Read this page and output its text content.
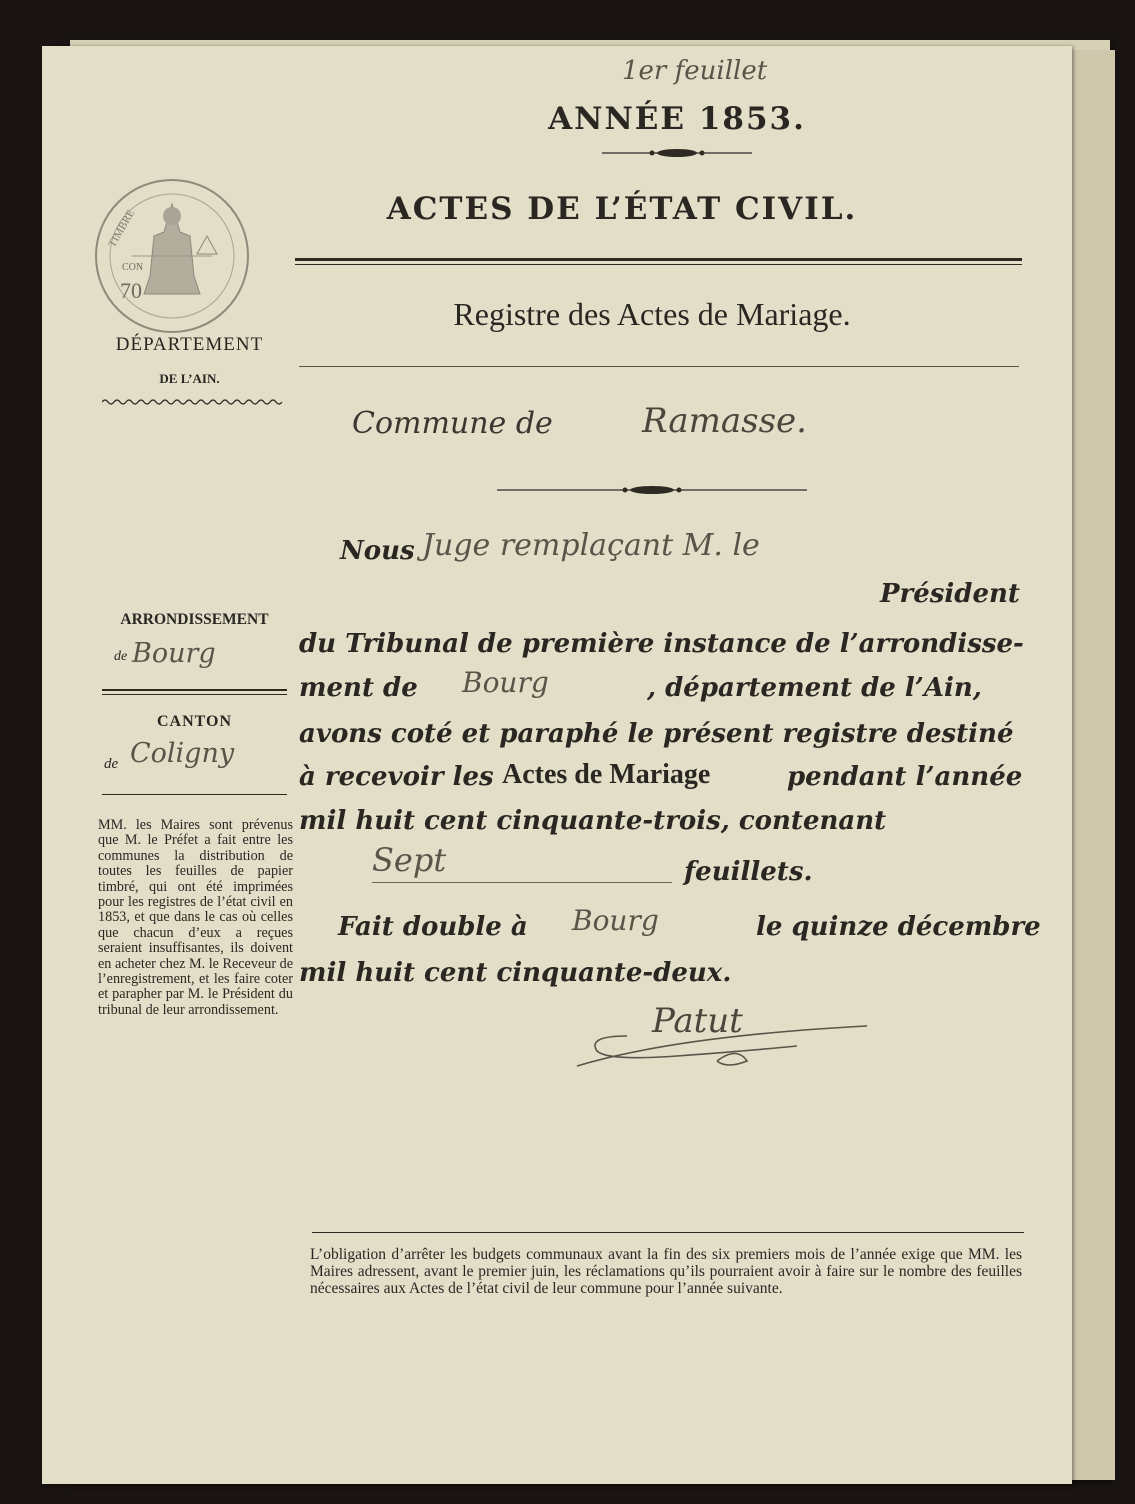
1er feuillet
ANNÉE 1853.
ACTES DE L’ÉTAT CIVIL.
Registre des Actes de Mariage.
TIMBRE
CON
70
DÉPARTEMENT
DE L’AIN.
Commune de	Ramasse.
ARRONDISSEMENT
de Bourg
CANTON
de Coligny
MM. les Maires sont prévenus que M. le Préfet a fait entre les communes la distribution de toutes les feuilles de papier timbré, qui ont été imprimées pour les registres de l’état civil en 1853, et que dans le cas où celles que chacun d’eux a reçues seraient insuffisantes, ils doivent en acheter chez M. le Receveur de l’enregistrement, et les faire coter et parapher par M. le Président du tribunal de leur arrondissement.
Nous Juge remplaçant M. le
Président
du Tribunal de première instance de l’arrondisse-
ment de Bourg	, département de l’Ain,
avons coté et paraphé le présent registre destiné
à recevoir les Actes de Mariage	pendant l’année
mil huit cent cinquante-trois, contenant
Sept	feuillets.
Fait double à Bourg	le quinze décembre
mil huit cent cinquante-deux.
Patut
L’obligation d’arrêter les budgets communaux avant la fin des six premiers mois de l’année exige que MM. les Maires adressent, avant le premier juin, les réclamations qu’ils pourraient avoir à faire sur le nombre des feuilles nécessaires aux Actes de l’état civil de leur commune pour l’année suivante.
